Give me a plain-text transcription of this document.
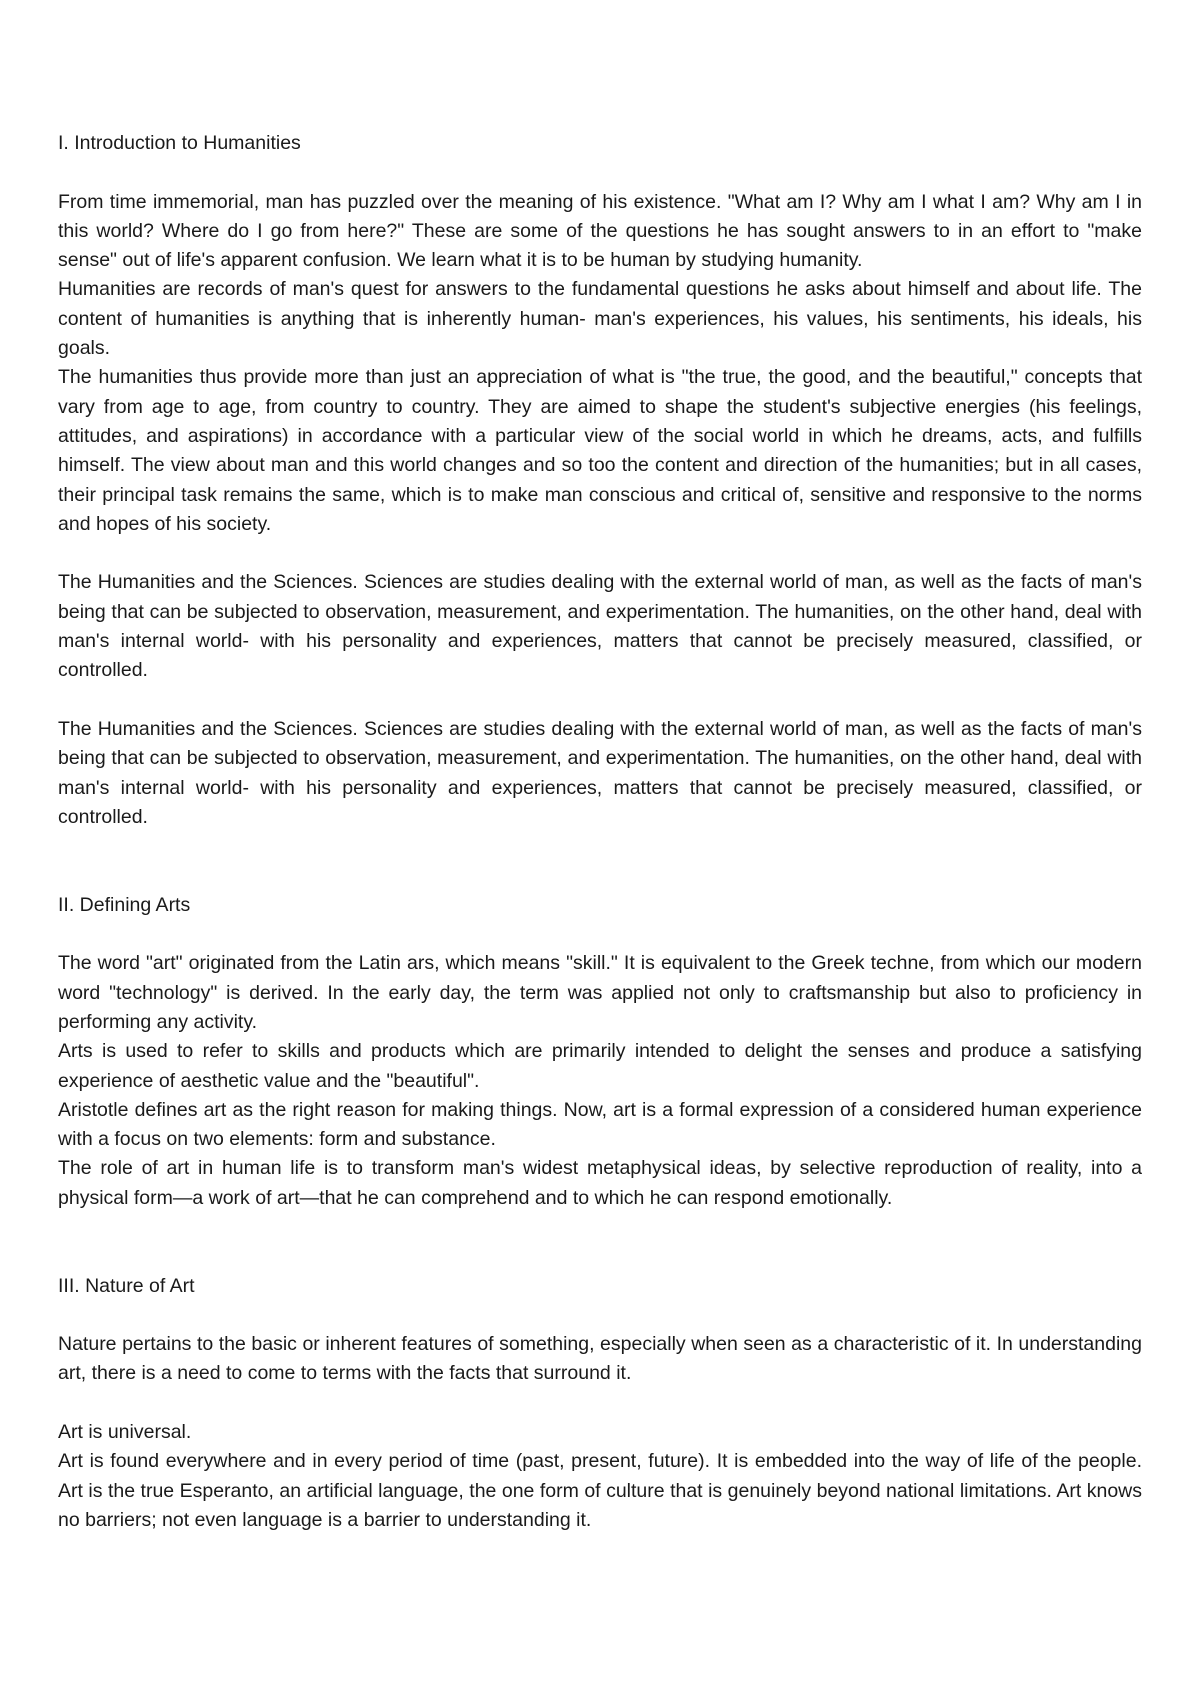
I. Introduction to Humanities

From time immemorial, man has puzzled over the meaning of his existence. "What am I? Why am I what I am? Why am I in this world? Where do I go from here?" These are some of the questions he has sought answers to in an effort to "make sense" out of life's apparent confusion. We learn what it is to be human by studying humanity.

Humanities are records of man's quest for answers to the fundamental questions he asks about himself and about life. The content of humanities is anything that is inherently human- man's experiences, his values, his sentiments, his ideals, his goals.

The humanities thus provide more than just an appreciation of what is "the true, the good, and the beautiful," concepts that vary from age to age, from country to country. They are aimed to shape the student's subjective energies (his feelings, attitudes, and aspirations) in accordance with a particular view of the social world in which he dreams, acts, and fulfills himself. The view about man and this world changes and so too the content and direction of the humanities; but in all cases, their principal task remains the same, which is to make man conscious and critical of, sensitive and responsive to the norms and hopes of his society.

The Humanities and the Sciences. Sciences are studies dealing with the external world of man, as well as the facts of man's being that can be subjected to observation, measurement, and experimentation. The humanities, on the other hand, deal with man's internal world- with his personality and experiences, matters that cannot be precisely measured, classified, or controlled.

The Humanities and the Sciences. Sciences are studies dealing with the external world of man, as well as the facts of man's being that can be subjected to observation, measurement, and experimentation. The humanities, on the other hand, deal with man's internal world- with his personality and experiences, matters that cannot be precisely measured, classified, or controlled.

II. Defining Arts

The word "art" originated from the Latin ars, which means "skill." It is equivalent to the Greek techne, from which our modern word "technology" is derived. In the early day, the term was applied not only to craftsmanship but also to proficiency in performing any activity.

Arts is used to refer to skills and products which are primarily intended to delight the senses and produce a satisfying experience of aesthetic value and the "beautiful".

Aristotle defines art as the right reason for making things. Now, art is a formal expression of a considered human experience with a focus on two elements: form and substance.

The role of art in human life is to transform man's widest metaphysical ideas, by selective reproduction of reality, into a physical form—a work of art—that he can comprehend and to which he can respond emotionally.

III. Nature of Art

Nature pertains to the basic or inherent features of something, especially when seen as a characteristic of it. In understanding art, there is a need to come to terms with the facts that surround it.

Art is universal.

Art is found everywhere and in every period of time (past, present, future). It is embedded into the way of life of the people. Art is the true Esperanto, an artificial language, the one form of culture that is genuinely beyond national limitations. Art knows no barriers; not even language is a barrier to understanding it.
